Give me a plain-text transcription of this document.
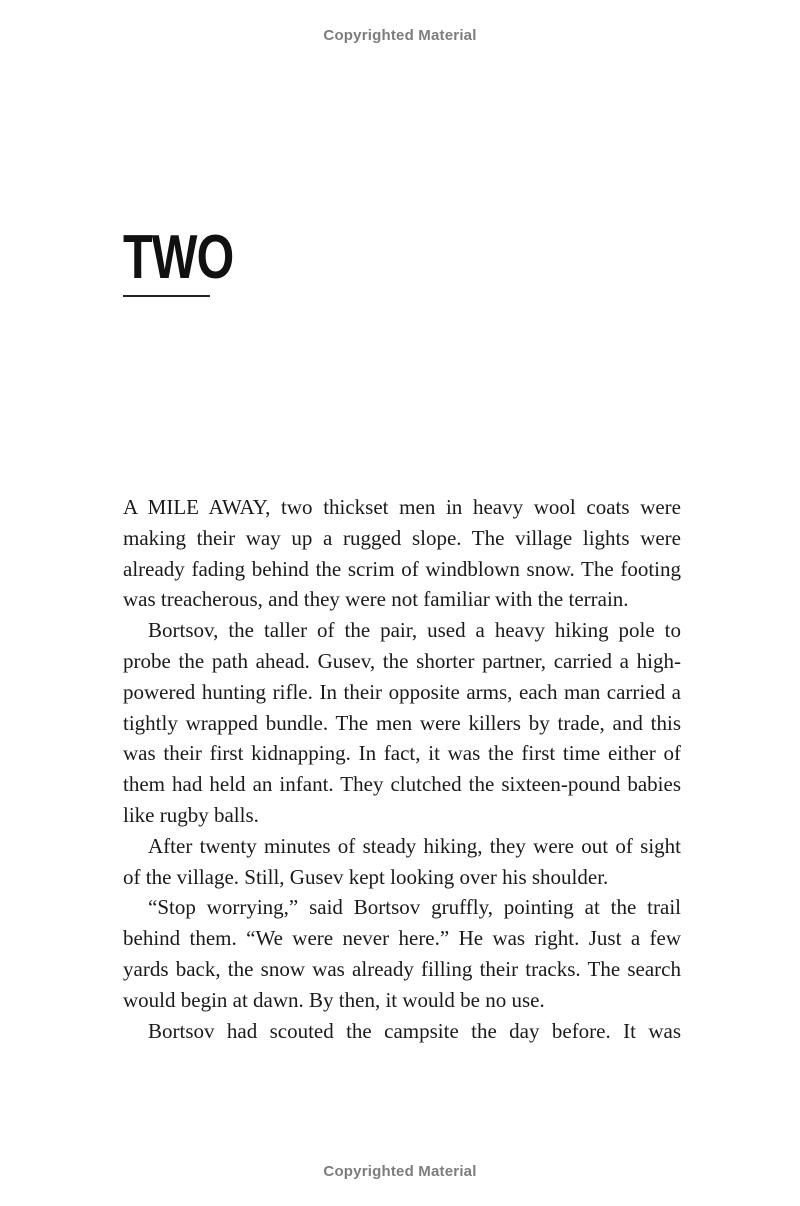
Copyrighted Material
TWO

A MILE AWAY, two thickset men in heavy wool coats were making their way up a rugged slope. The village lights were already fading behind the scrim of windblown snow. The footing was treacherous, and they were not familiar with the terrain.

Bortsov, the taller of the pair, used a heavy hiking pole to probe the path ahead. Gusev, the shorter partner, carried a high-powered hunting rifle. In their opposite arms, each man carried a tightly wrapped bundle. The men were killers by trade, and this was their first kidnapping. In fact, it was the first time either of them had held an infant. They clutched the sixteen-pound babies like rugby balls.

After twenty minutes of steady hiking, they were out of sight of the village. Still, Gusev kept looking over his shoulder.

“Stop worrying,” said Bortsov gruffly, pointing at the trail behind them. “We were never here.” He was right. Just a few yards back, the snow was already filling their tracks. The search would begin at dawn. By then, it would be no use.

Bortsov had scouted the campsite the day before. It was

Copyrighted Material
